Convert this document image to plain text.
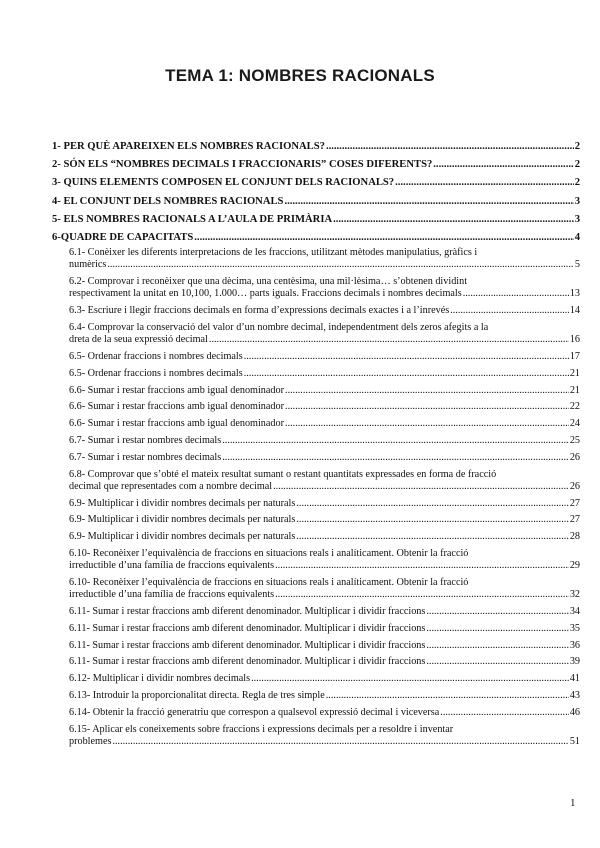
TEMA 1: NOMBRES RACIONALS
1- PER QUÈ APAREIXEN ELS NOMBRES RACIONALS? .....	2
2- SÓN ELS “NOMBRES DECIMALS I FRACCIONARIS” COSES DIFERENTS? .....	2
3- QUINS ELEMENTS COMPOSEN EL CONJUNT DELS RACIONALS? .....	2
4- EL CONJUNT DELS NOMBRES RACIONALS .....	3
5- ELS NOMBRES RACIONALS A L’AULA DE PRIMÀRIA .....	3
6-QUADRE DE CAPACITATS .....	4
6.1- Conèixer les diferents interpretacions de les fraccions, utilitzant mètodes manipulatius, gràfics i
numèrics .....	5
6.2- Comprovar i reconèixer que una dècima, una centèsima, una mil·lèsima… s’obtenen dividint
respectivament la unitat en 10,100, 1.000… parts iguals. Fraccions decimals i nombres decimals .....	13
6.3- Escriure i llegir fraccions decimals en forma d’expressions decimals exactes i a l’inrevés .....	14
6.4- Comprovar la conservació del valor d’un nombre decimal, independentment dels zeros afegits a la
dreta de la seua expressió decimal .....	16
6.5- Ordenar fraccions i nombres decimals .....	17
6.5- Ordenar fraccions i nombres decimals .....	21
6.6- Sumar i restar fraccions amb igual denominador .....	21
6.6- Sumar i restar fraccions amb igual denominador .....	22
6.6- Sumar i restar fraccions amb igual denominador .....	24
6.7- Sumar i restar nombres decimals .....	25
6.7- Sumar i restar nombres decimals .....	26
6.8- Comprovar que s’obté el mateix resultat sumant o restant quantitats expressades en forma de fracció
decimal que representades com a nombre decimal .....	26
6.9- Multiplicar i dividir nombres decimals per naturals .....	27
6.9- Multiplicar i dividir nombres decimals per naturals .....	27
6.9- Multiplicar i dividir nombres decimals per naturals .....	28
6.10- Reconèixer l’equivalència de fraccions en situacions reals i analíticament. Obtenir la fracció
irreductible d’una família de fraccions equivalents .....	29
6.10- Reconèixer l’equivalència de fraccions en situacions reals i analíticament. Obtenir la fracció
irreductible d’una família de fraccions equivalents .....	32
6.11- Sumar i restar fraccions amb diferent denominador. Multiplicar i dividir fraccions .....	34
6.11- Sumar i restar fraccions amb diferent denominador. Multiplicar i dividir fraccions .....	35
6.11- Sumar i restar fraccions amb diferent denominador. Multiplicar i dividir fraccions .....	36
6.11- Sumar i restar fraccions amb diferent denominador. Multiplicar i dividir fraccions .....	39
6.12- Multiplicar i dividir nombres decimals .....	41
6.13- Introduir la proporcionalitat directa. Regla de tres simple .....	43
6.14- Obtenir la fracció generatriu que correspon a qualsevol expressió decimal i viceversa .....	46
6.15- Aplicar els coneixements sobre fraccions i expressions decimals per a resoldre i inventar
problemes .....	51
1
